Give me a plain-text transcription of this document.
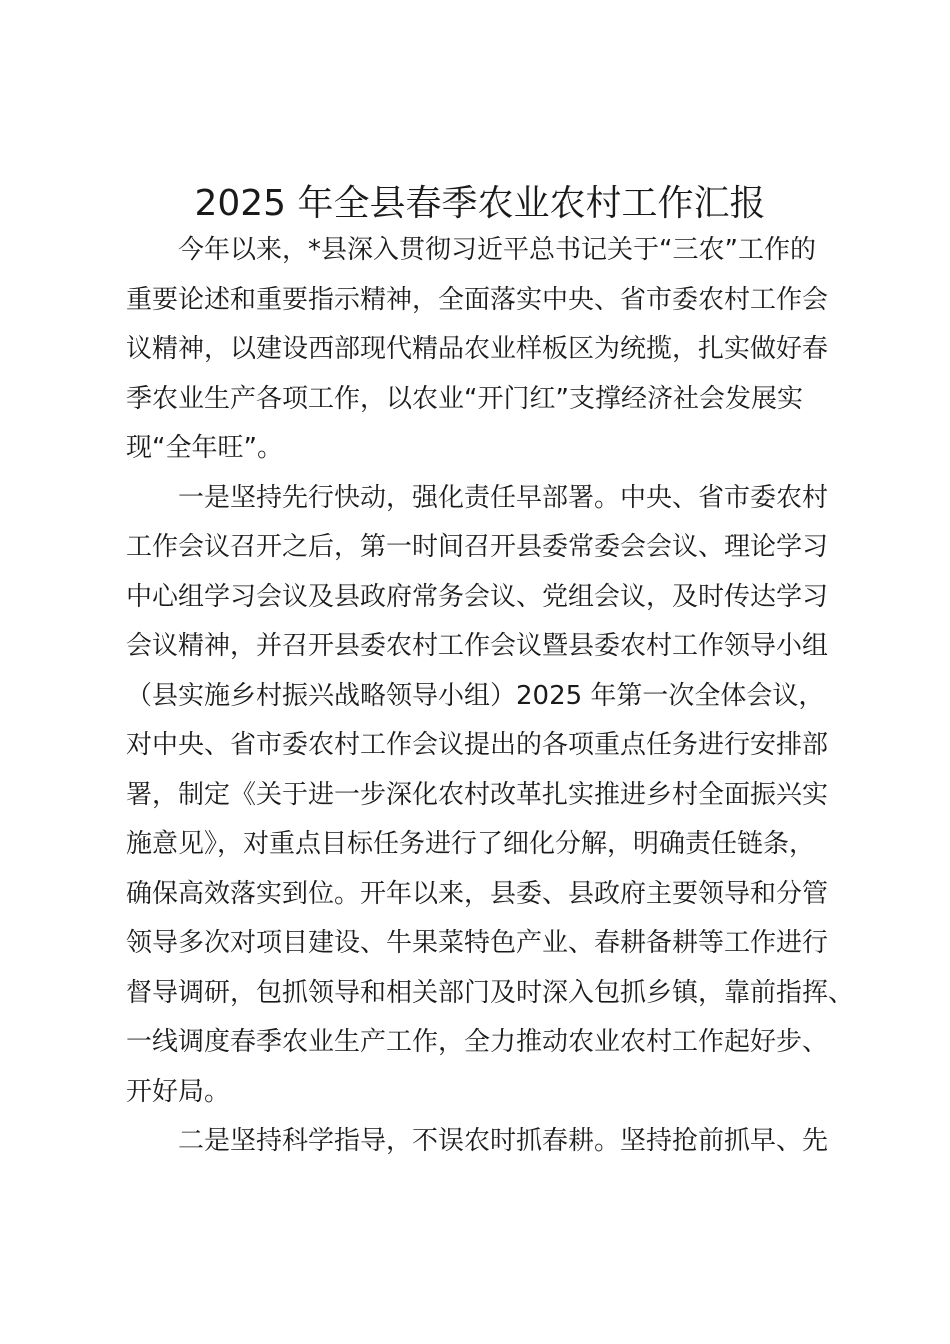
2025 年全县春季农业农村工作汇报

今年以来，*县深入贯彻习近平总书记关于“三农”工作的
重要论述和重要指示精神，全面落实中央、省市委农村工作会
议精神，以建设西部现代精品农业样板区为统揽，扎实做好春
季农业生产各项工作，以农业“开门红”支撑经济社会发展实
现“全年旺”。

一是坚持先行快动，强化责任早部署。中央、省市委农村
工作会议召开之后，第一时间召开县委常委会会议、理论学习
中心组学习会议及县政府常务会议、党组会议，及时传达学习
会议精神，并召开县委农村工作会议暨县委农村工作领导小组
（县实施乡村振兴战略领导小组）2025 年第一次全体会议，
对中央、省市委农村工作会议提出的各项重点任务进行安排部
署，制定《关于进一步深化农村改革扎实推进乡村全面振兴实
施意见》，对重点目标任务进行了细化分解，明确责任链条，
确保高效落实到位。开年以来，县委、县政府主要领导和分管
领导多次对项目建设、牛果菜特色产业、春耕备耕等工作进行
督导调研，包抓领导和相关部门及时深入包抓乡镇，靠前指挥、
一线调度春季农业生产工作，全力推动农业农村工作起好步、
开好局。

二是坚持科学指导，不误农时抓春耕。坚持抢前抓早、先
